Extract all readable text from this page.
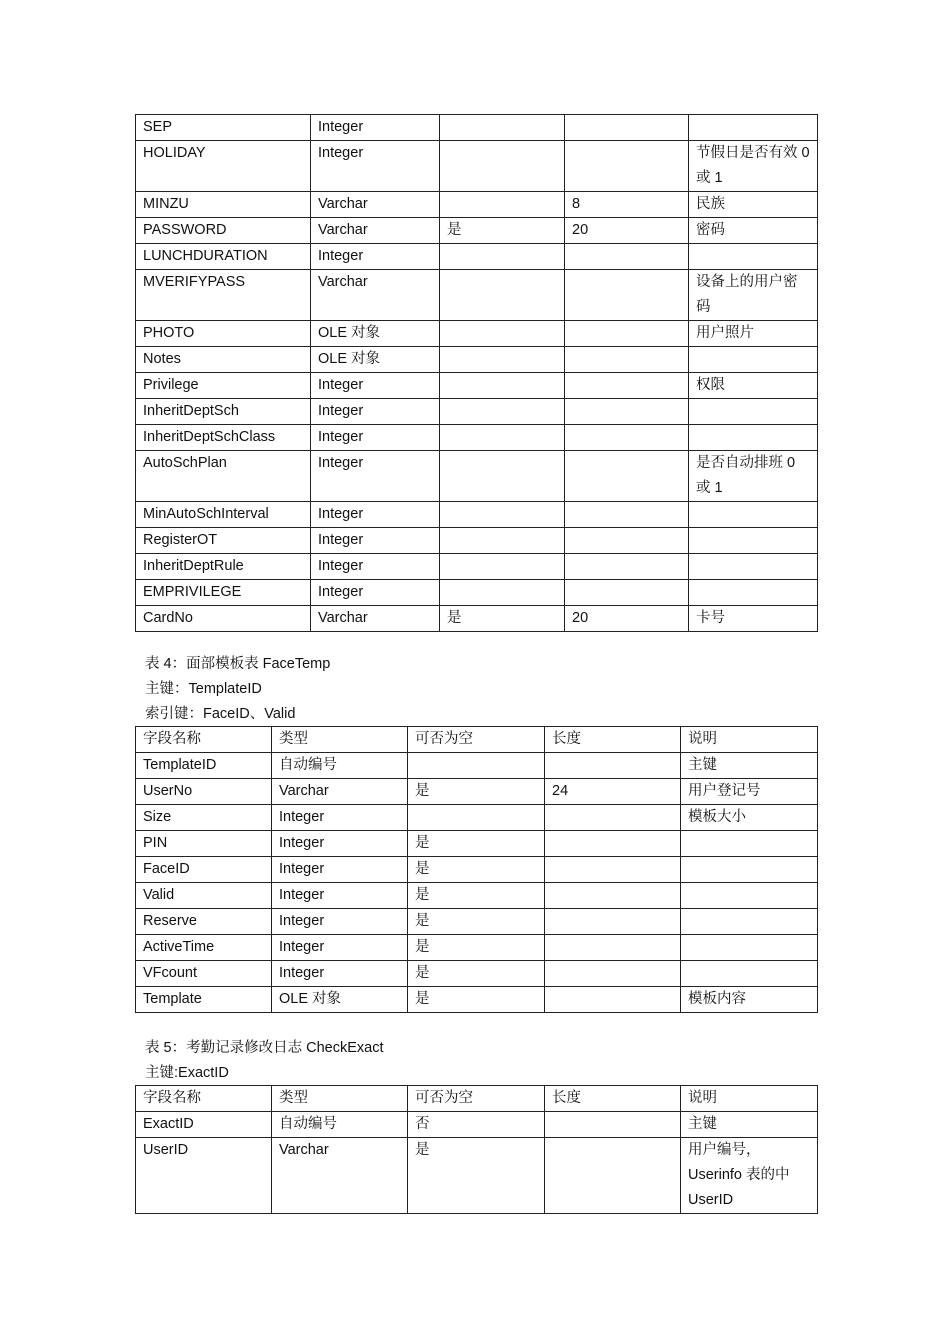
SEP	Integer			
HOLIDAY	Integer			节假日是否有效 0 或 1
MINZU	Varchar		8	民族
PASSWORD	Varchar	是	20	密码
LUNCHDURATION	Integer			
MVERIFYPASS	Varchar			设备上的用户密码
PHOTO	OLE 对象			用户照片
Notes	OLE 对象			
Privilege	Integer			权限
InheritDeptSch	Integer			
InheritDeptSchClass	Integer			
AutoSchPlan	Integer			是否自动排班 0 或 1
MinAutoSchInterval	Integer			
RegisterOT	Integer			
InheritDeptRule	Integer			
EMPRIVILEGE	Integer			
CardNo	Varchar	是	20	卡号
表 4：面部模板表 FaceTemp
主键：TemplateID
索引键：FaceID、Valid
字段名称	类型	可否为空	长度	说明
TemplateID	自动编号			主键
UserNo	Varchar	是	24	用户登记号
Size	Integer			模板大小
PIN	Integer	是		
FaceID	Integer	是		
Valid	Integer	是		
Reserve	Integer	是		
ActiveTime	Integer	是		
VFcount	Integer	是		
Template	OLE 对象	是		模板内容
表 5：考勤记录修改日志 CheckExact
主键:ExactID
字段名称	类型	可否为空	长度	说明
ExactID	自动编号	否		主键
UserID	Varchar	是		用户编号，Userinfo 表的中 UserID
